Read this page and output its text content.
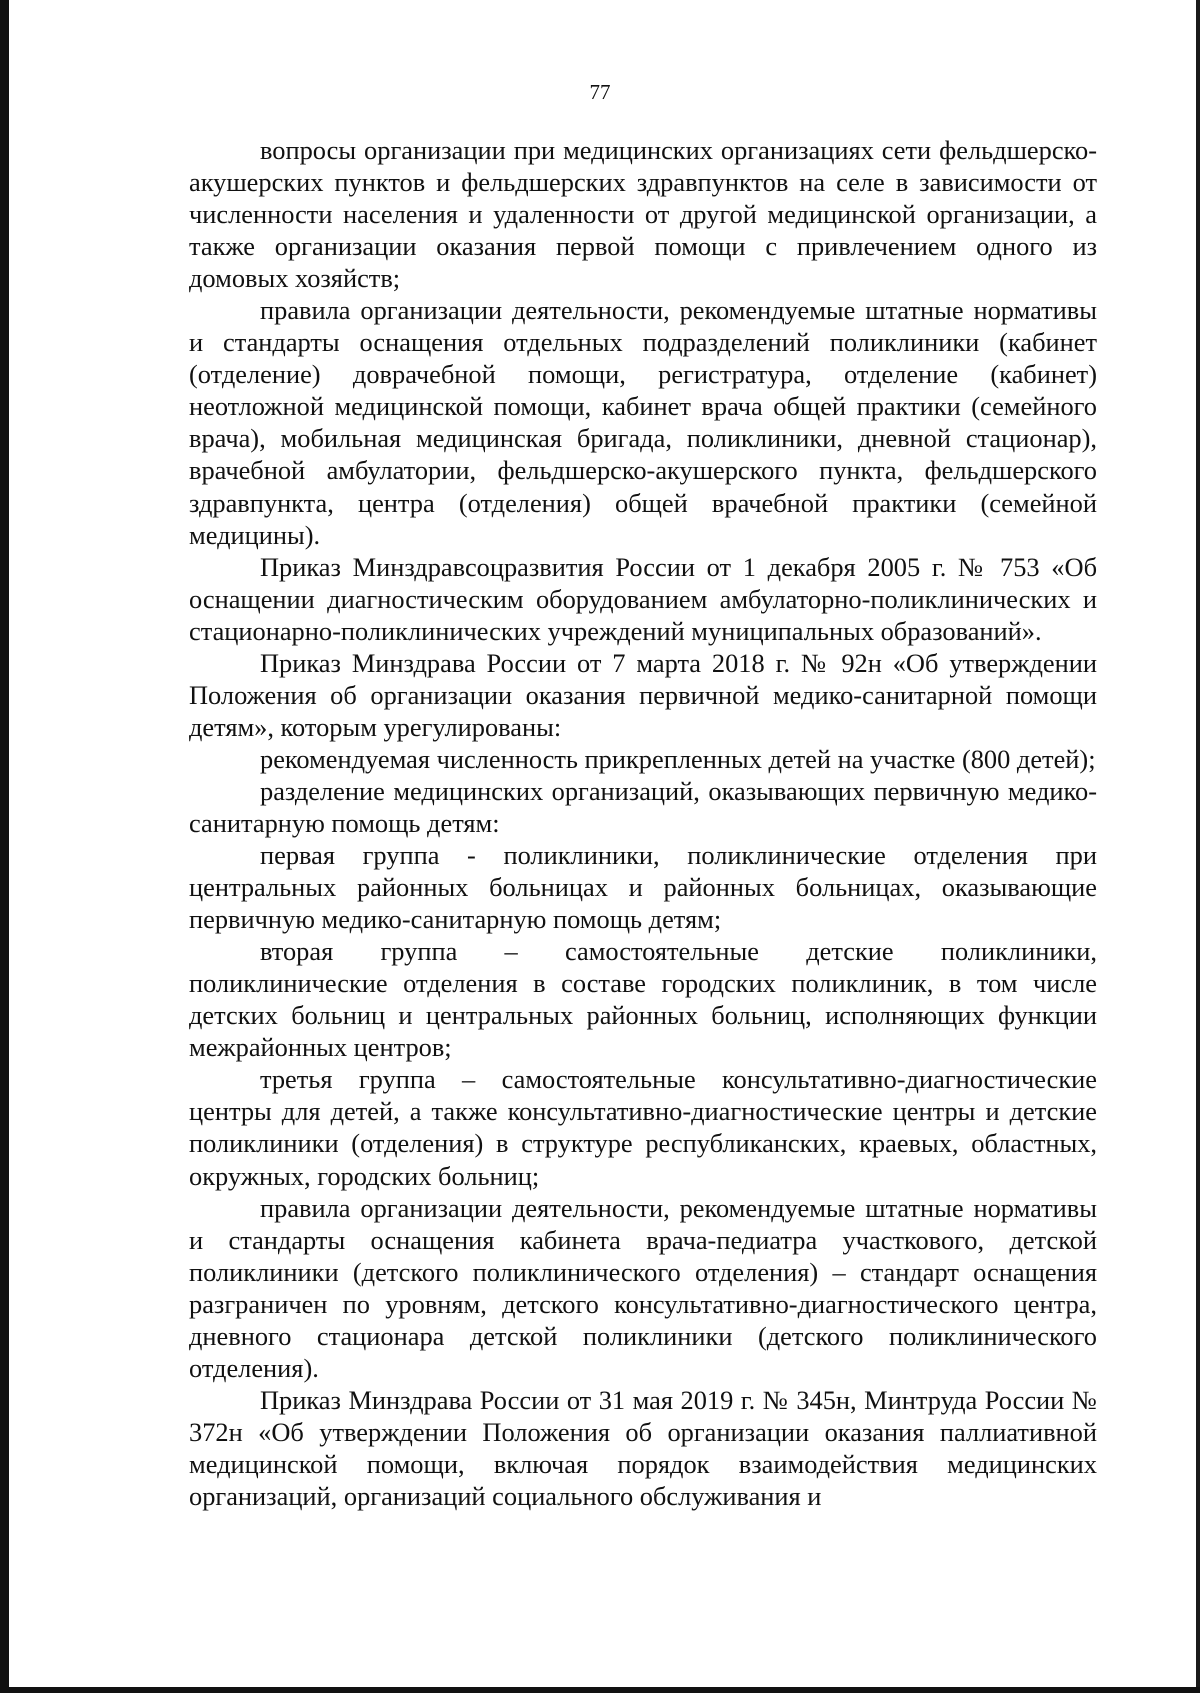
77

вопросы организации при медицинских организациях сети фельдшерско-акушерских пунктов и фельдшерских здравпунктов на селе в зависимости от численности населения и удаленности от другой медицинской организации, а также организации оказания первой помощи с привлечением одного из домовых хозяйств;

правила организации деятельности, рекомендуемые штатные нормативы и стандарты оснащения отдельных подразделений поликлиники (кабинет (отделение) доврачебной помощи, регистратура, отделение (кабинет) неотложной медицинской помощи, кабинет врача общей практики (семейного врача), мобильная медицинская бригада, поликлиники, дневной стационар), врачебной амбулатории, фельдшерско-акушерского пункта, фельдшерского здравпункта, центра (отделения) общей врачебной практики (семейной медицины).

Приказ Минздравсоцразвития России от 1 декабря 2005 г. № 753 «Об оснащении диагностическим оборудованием амбулаторно-поликлинических и стационарно-поликлинических учреждений муниципальных образований».

Приказ Минздрава России от 7 марта 2018 г. № 92н «Об утверждении Положения об организации оказания первичной медико-санитарной помощи детям», которым урегулированы:

рекомендуемая численность прикрепленных детей на участке (800 детей);

разделение медицинских организаций, оказывающих первичную медико-санитарную помощь детям:

первая группа - поликлиники, поликлинические отделения при центральных районных больницах и районных больницах, оказывающие первичную медико-санитарную помощь детям;

вторая группа – самостоятельные детские поликлиники, поликлинические отделения в составе городских поликлиник, в том числе детских больниц и центральных районных больниц, исполняющих функции межрайонных центров;

третья группа – самостоятельные консультативно-диагностические центры для детей, а также консультативно-диагностические центры и детские поликлиники (отделения) в структуре республиканских, краевых, областных, окружных, городских больниц;

правила организации деятельности, рекомендуемые штатные нормативы и стандарты оснащения кабинета врача-педиатра участкового, детской поликлиники (детского поликлинического отделения) – стандарт оснащения разграничен по уровням, детского консультативно-диагностического центра, дневного стационара детской поликлиники (детского поликлинического отделения).

Приказ Минздрава России от 31 мая 2019 г. № 345н, Минтруда России № 372н «Об утверждении Положения об организации оказания паллиативной медицинской помощи, включая порядок взаимодействия медицинских организаций, организаций социального обслуживания и
